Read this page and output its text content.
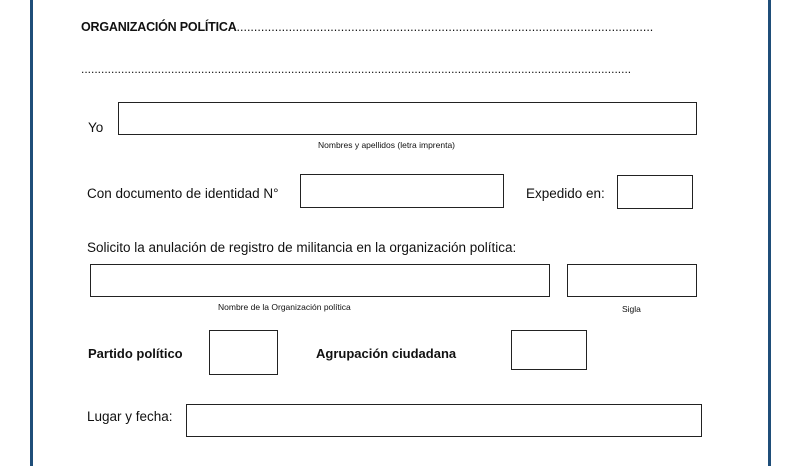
ORGANIZACIÓN POLÍTICA........................................................................................................................
.....................................................................................................................................................................
Yo
Nombres y apellidos (letra imprenta)
Con documento de identidad N°	Expedido en:
Solicito la anulación de registro de militancia en la organización política:
Nombre de la Organización política	Sigla
Partido político	Agrupación ciudadana
Lugar y fecha:
